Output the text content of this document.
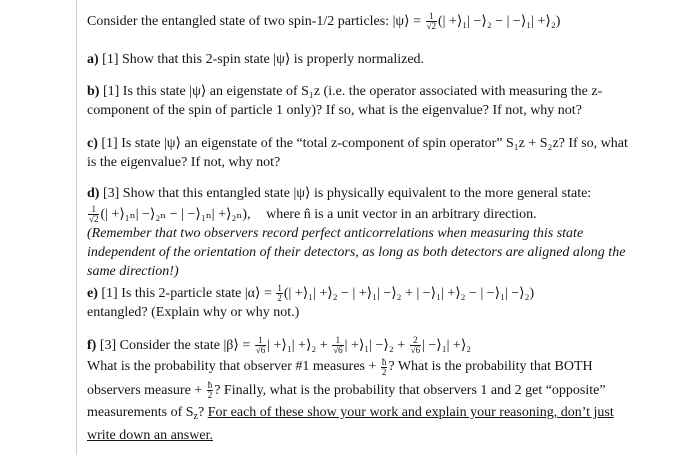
Consider the entangled state of two spin-1/2 particles: |ψ⟩ = $\frac{1}{√2}$ (| +⟩₁| −⟩₂ − | −⟩₁| +⟩₂)
a) [1] Show that this 2-spin state |ψ⟩ is properly normalized.
b) [1] Is this state |ψ⟩ an eigenstate of S₁z (i.e. the operator associated with measuring the z-
component of the spin of particle 1 only)? If so, what is the eigenvalue? If not, why not?
c) [1] Is state |ψ⟩ an eigenstate of the “total z-component of spin operator” S₁z + S₂z? If so, what
is the eigenvalue? If not, why not?
d) [3] Show that this entangled state |ψ⟩ is physically equivalent to the more general state:
$\frac{1}{√2}$ (| +⟩₁ₙ| −⟩₂ₙ − | −⟩₁ₙ| +⟩₂ₙ), where n̂ is a unit vector in an arbitrary direction.
(Remember that two observers record perfect anticorrelations when measuring this state
independent of the orientation of their detectors, as long as both detectors are aligned along the
same direction!)
e) [1] Is this 2-particle state |α⟩ = $\frac{1}{2}$ (| +⟩₁| +⟩₂ − | +⟩₁| −⟩₂ + | −⟩₁| +⟩₂ − | −⟩₁| −⟩₂)
entangled? (Explain why or why not.)
f) [3] Consider the state |β⟩ = $\frac{1}{√6}$ | +⟩₁| +⟩₂ + $\frac{1}{√6}$ | +⟩₁| −⟩₂ + $\frac{2}{√6}$ | −⟩₁| +⟩₂
What is the probability that observer #1 measures + $\frac{ħ}{2}$ ? What is the probability that BOTH
observers measure + $\frac{ħ}{2}$ ? Finally, what is the probability that observers 1 and 2 get “opposite”
measurements of $S_z$? For each of these show your work and explain your reasoning, don’t just
write down an answer.
